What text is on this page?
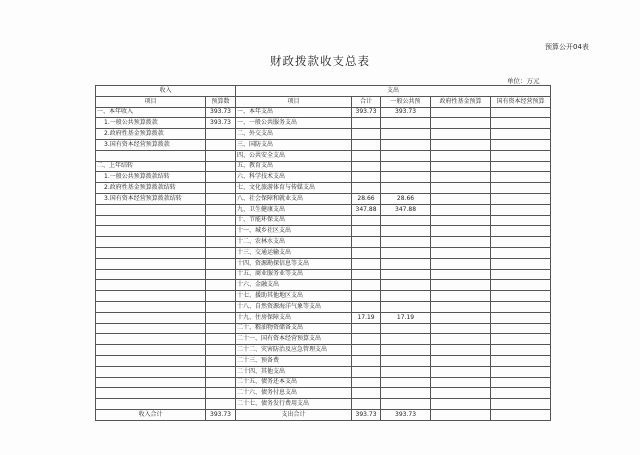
预算公开04表
财政拨款收支总表
单位：万元
收入		支出				
项目	预算数	项目	合计	一般公共预	政府性基金预算	国有资本经营预算
一、本年收入	393.73	一、本年支出	393.73	393.73		
1.一般公共预算拨款	393.73	一、一般公共服务支出				
2.政府性基金预算拨款		二、外交支出				
3.国有资本经营预算拨款		三、国防支出				
		四、公共安全支出				
二、上年结转		五、教育支出				
1.一般公共预算拨款结转		六、科学技术支出				
2.政府性基金预算拨款结转		七、文化旅游体育与传媒支出				
3.国有资本经营预算拨款结转		八、社会保障和就业支出	28.66	28.66		
		九、卫生健康支出	347.88	347.88		
		十、节能环保支出				
		十一、城乡社区支出				
		十二、农林水支出				
		十三、交通运输支出				
		十四、资源勘探信息等支出				
		十五、商业服务业等支出				
		十六、金融支出				
		十七、援助其他地区支出				
		十八、自然资源海洋气象等支出				
		十九、住房保障支出	17.19	17.19		
		二十、粮油物资储备支出				
		二十一、国有资本经营预算支出				
		二十二、灾害防治及应急管理支出				
		二十三、预备费				
		二十四、其他支出				
		二十五、债务还本支出				
		二十六、债务付息支出				
		二十七、债务发行费用支出				
收入合计	393.73	支出合计	393.73	393.73		
